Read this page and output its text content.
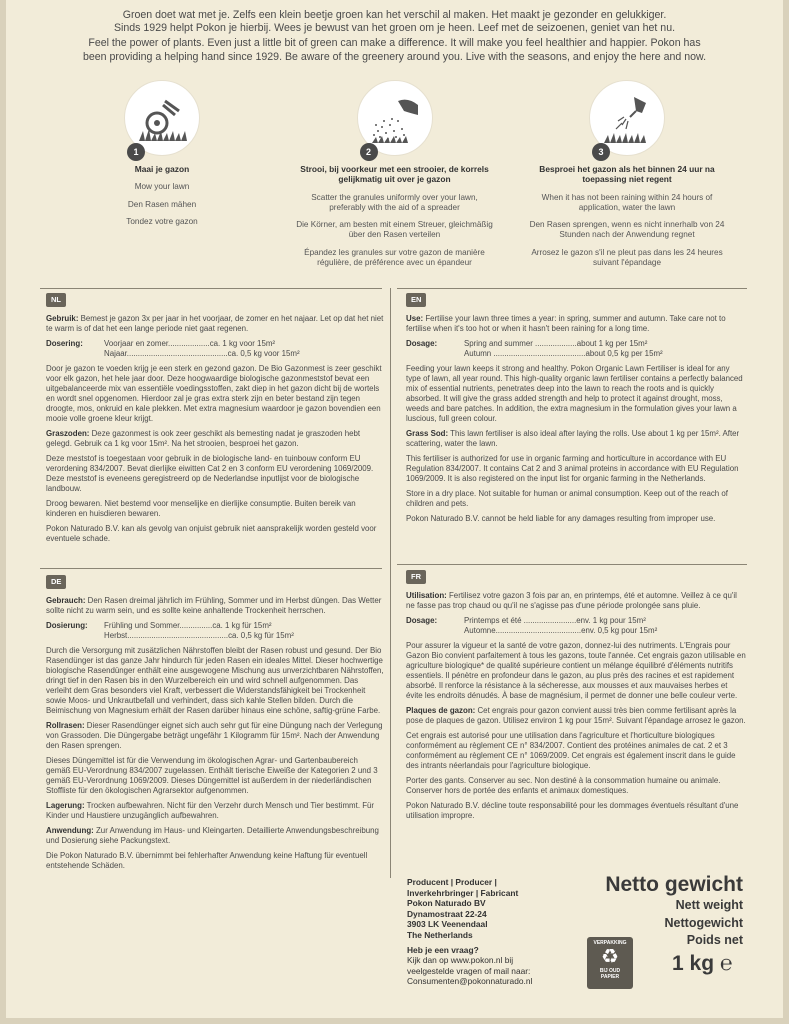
Groen doet wat met je. Zelfs een klein beetje groen kan het verschil al maken. Het maakt je gezonder en gelukkiger.
Sinds 1929 helpt Pokon je hierbij. Wees je bewust van het groen om je heen. Leef met de seizoenen, geniet van het nu.
Feel the power of plants. Even just a little bit of green can make a difference. It will make you feel healthier and happier. Pokon has
been providing a helping hand since 1929. Be aware of the greenery around you. Live with the seasons, and enjoy the here and now.
1
Maai je gazon
Mow your lawn
Den Rasen mähen
Tondez votre gazon
2
Strooi, bij voorkeur met een strooier, de korrels gelijkmatig uit over je gazon
Scatter the granules uniformly over your lawn, preferably with the aid of a spreader
Die Körner, am besten mit einem Streuer, gleichmäßig über den Rasen verteilen
Épandez les granules sur votre gazon de manière régulière, de préférence avec un épandeur
3
Besproei het gazon als het binnen 24 uur na toepassing niet regent
When it has not been raining within 24 hours of application, water the lawn
Den Rasen sprengen, wenn es nicht innerhalb von 24 Stunden nach der Anwendung regnet
Arrosez le gazon s'il ne pleut pas dans les 24 heures suivant l'épandage
NL

Gebruik: Bemest je gazon 3x per jaar in het voorjaar, de zomer en het najaar. Let op dat het niet te warm is of dat het een lange periode niet gaat regenen.

Dosering:	Voorjaar en zomer...................ca. 1 kg voor 15m²
Najaar..............................................ca. 0,5 kg voor 15m²

Door je gazon te voeden krijg je een sterk en gezond gazon. De Bio Gazonmest is zeer geschikt voor elk gazon, het hele jaar door. Deze hoogwaardige biologische gazonmeststof bevat een uitgebalanceerde mix van essentiële voedingsstoffen, zakt diep in het gazon dicht bij de wortels en wordt snel opgenomen. Hierdoor zal je gras extra sterk zijn en beter bestand zijn tegen droogte, mos, onkruid en kale plekken. Met extra magnesium waardoor je gazon bovendien een mooie volle groene kleur krijgt.

Graszoden: Deze gazonmest is ook zeer geschikt als bemesting nadat je graszoden hebt gelegd. Gebruik ca 1 kg voor 15m². Na het strooien, besproei het gazon.

Deze meststof is toegestaan voor gebruik in de biologische land- en tuinbouw conform EU verordening 834/2007. Bevat dierlijke eiwitten Cat 2 en 3 conform EU verordening 1069/2009. Deze meststof is eveneens geregistreerd op de Nederlandse inputlijst voor de biologische landbouw.

Droog bewaren. Niet bestemd voor menselijke en dierlijke consumptie. Buiten bereik van kinderen en huisdieren bewaren.

Pokon Naturado B.V. kan als gevolg van onjuist gebruik niet aansprakelijk worden gesteld voor eventuele schade.

EN

Use: Fertilise your lawn three times a year: in spring, summer and autumn. Take care not to fertilise when it's too hot or when it hasn't been raining for a long time.

Dosage:	Spring and summer ...................about 1 kg per 15m²
Autumn ..........................................about 0,5 kg per 15m²

Feeding your lawn keeps it strong and healthy. Pokon Organic Lawn Fertiliser is ideal for any type of lawn, all year round. This high-quality organic lawn fertiliser contains a perfectly balanced mix of essential nutrients, penetrates deep into the lawn to reach the roots and is quickly absorbed. It will give the grass added strength and help to protect it against drought, moss, weeds and bare patches. In addition, the extra magnesium in the formulation gives your lawn a luscious, full green colour.

Grass Sod: This lawn fertiliser is also ideal after laying the rolls. Use about 1 kg per 15m². After scattering, water the lawn.

This fertiliser is authorized for use in organic farming and horticulture in accordance with EU Regulation 834/2007. It contains Cat 2 and 3 animal proteins in accordance with EU Regulation 1069/2009. It is also registered on the input list for organic farming in the Netherlands.

Store in a dry place. Not suitable for human or animal consumption. Keep out of the reach of children and pets.

Pokon Naturado B.V. cannot be held liable for any damages resulting from improper use.

DE

Gebrauch: Den Rasen dreimal jährlich im Frühling, Sommer und im Herbst düngen. Das Wetter sollte nicht zu warm sein, und es sollte keine anhaltende Trockenheit herrschen.

Dosierung:	Frühling und Sommer...............ca. 1 kg für 15m²
Herbst..............................................ca. 0,5 kg für 15m²

Durch die Versorgung mit zusätzlichen Nährstoffen bleibt der Rasen robust und gesund. Der Bio Rasendünger ist das ganze Jahr hindurch für jeden Rasen ein ideales Mittel. Dieser hochwertige biologische Rasendünger enthält eine ausgewogene Mischung aus unverzichtbaren Nährstoffen, dringt tief in den Rasen bis in den Wurzelbereich ein und wird schnell aufgenommen. Das verleiht dem Gras besonders viel Kraft, verbessert die Widerstandsfähigkeit bei Trockenheit sowie Moos- und Unkrautbefall und verhindert, dass sich kahle Stellen bilden. Durch die Beimischung von Magnesium erhält der Rasen darüber hinaus eine schöne, saftig-grüne Farbe.

Rollrasen: Dieser Rasendünger eignet sich auch sehr gut für eine Düngung nach der Verlegung von Grassoden. Die Düngergabe beträgt ungefähr 1 Kilogramm für 15m². Nach der Anwendung den Rasen sprengen.

Dieses Düngemittel ist für die Verwendung im ökologischen Agrar- und Gartenbaubereich gemäß EU-Verordnung 834/2007 zugelassen. Enthält tierische Eiweiße der Kategorien 2 und 3 gemäß EU-Verordnung 1069/2009. Dieses Düngemittel ist außerdem in der niederländischen Stoffliste für den ökologischen Agrarsektor aufgenommen.

Lagerung: Trocken aufbewahren. Nicht für den Verzehr durch Mensch und Tier bestimmt. Für Kinder und Haustiere unzugänglich aufbewahren.

Anwendung: Zur Anwendung im Haus- und Kleingarten. Detaillierte Anwendungsbeschreibung und Dosierung siehe Packungstext.

Die Pokon Naturado B.V. übernimmt bei fehlerhafter Anwendung keine Haftung für eventuell entstehende Schäden.

FR

Utilisation: Fertilisez votre gazon 3 fois par an, en printemps, été et automne. Veillez à ce qu'il ne fasse pas trop chaud ou qu'il ne s'agisse pas d'une période prolongée sans pluie.

Dosage:	Printemps et été ........................env. 1 kg pour 15m²
Automne.......................................env. 0,5 kg pour 15m²

Pour assurer la vigueur et la santé de votre gazon, donnez-lui des nutriments. L'Engrais pour Gazon Bio convient parfaitement à tous les gazons, toute l'année. Cet engrais gazon utilisable en agriculture biologique* de qualité supérieure contient un mélange équilibré d'éléments nutritifs essentiels. Il pénètre en profondeur dans le gazon, au plus près des racines et est rapidement absorbé. Il renforce la résistance à la sécheresse, aux mousses et aux mauvaises herbes et évite les endroits dénudés. À base de magnésium, il permet de donner une belle couleur verte.

Plaques de gazon: Cet engrais pour gazon convient aussi très bien comme fertilisant après la pose de plaques de gazon. Utilisez environ 1 kg pour 15m². Suivant l'épandage arrosez le gazon.

Cet engrais est autorisé pour une utilisation dans l'agriculture et l'horticulture biologiques conformément au règlement CE n° 834/2007. Contient des protéines animales de cat. 2 et 3 conformément au règlement CE n° 1069/2009. Cet engrais est également inscrit dans le guide des intrants néerlandais pour l'agriculture biologique.

Porter des gants. Conserver au sec. Non destiné à la consommation humaine ou animale. Conserver hors de portée des enfants et animaux domestiques.

Pokon Naturado B.V. décline toute responsabilité pour les dommages éventuels résultant d'une utilisation impropre.

Producent | Producer |
Inverkehrbringer | Fabricant
Pokon Naturado BV
Dynamostraat 22-24
3903 LK Veenendaal
The Netherlands
Heb je een vraag?
Kijk dan op www.pokon.nl bij
veelgestelde vragen of mail naar:
Consumenten@pokonnaturado.nl
VERPAKKING
♻
BIJ OUD
PAPIER
Netto gewicht
Nett weight
Nettogewicht
Poids net
1 kg ℮
